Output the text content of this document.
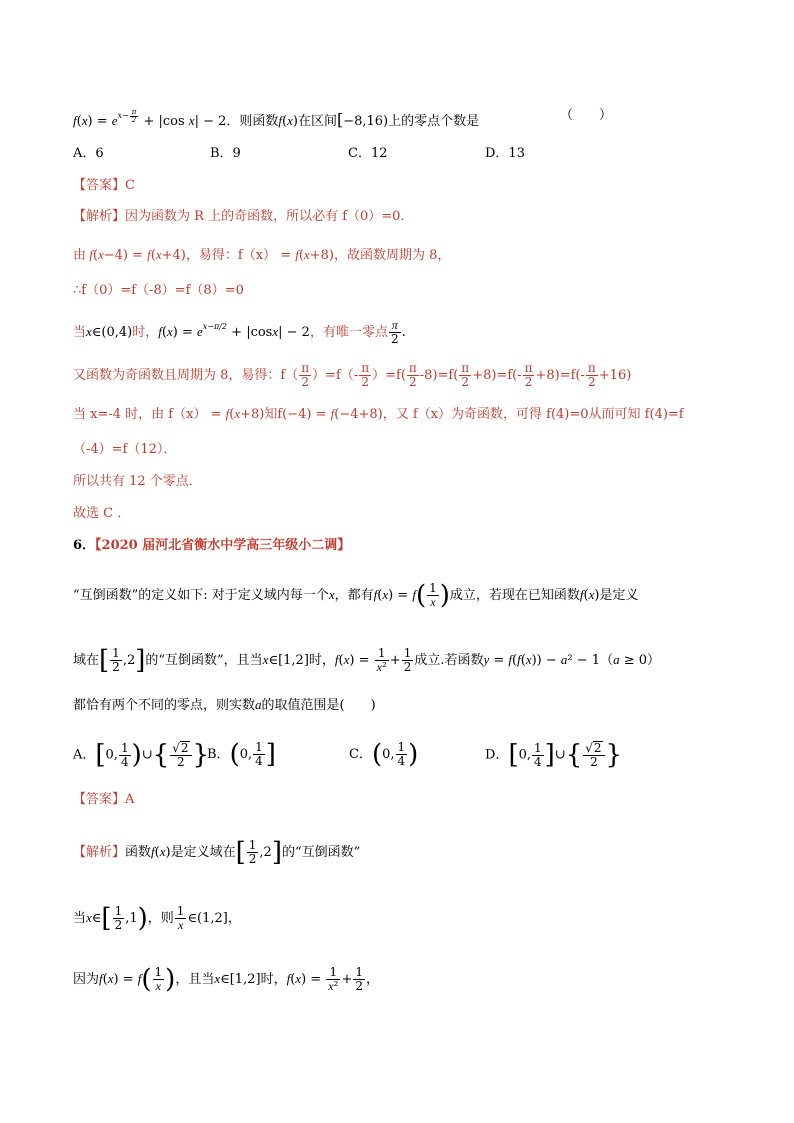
$f(x) = e^{x- \frac{\pi}{2}} + |\cos$ x| − 2．则函数f(x)在区间[−8,16)上的零点个数是	（　　）
A．6	B．9	C．12	D．13
【答案】C
【解析】因为函数为 R 上的奇函数，所以必有 f（0）=0．
由 f(x−4) = f(x+4)，易得：f（x） = f(x+8)，故函数周期为 8，
∴f（0）=f（-8）=f（8）=0
当x∈(0,4)时，$f(x) = e^{x-\pi/2} + |\cos x| - 2$，有唯一零点 $\frac{\pi}{2}$ .
又函数为奇函数且周期为 8，易得：$f( \frac{\pi}{2} )=f(- \frac{\pi}{2} )=f( \frac{\pi}{2} -8)=f( \frac{\pi}{2} +8)=f(- \frac{\pi}{2} +8)=f(- \frac{\pi}{2} +16)$
当 x=-4 时，由 f（x） = f(x+8)知f(−4) = f(−4+8)，又 f（x）为奇函数，可得 f(4)=0从而可知 f(4)=f
（-4）=f（12）．
所以共有 12 个零点．
故选 C ．
6．【2020 届河北省衡水中学高三年级小二调】
“互倒函数”的定义如下: 对于定义域内每一个x，都有$f(x) = f( \frac{1}{x}$ )成立，若现在已知函数f(x)是定义
域在[ $\frac{1}{2} ,2$]的“互倒函数”，且当x∈[1,2]时，$f(x) = \frac{1}{\text{x²}} + \frac{1}{2}$ 成立.若函数y = f(f(x)) − a² − 1（a ≥ 0）
都恰有两个不同的零点，则实数a的取值范围是(　　)
A．[0, $\frac{1}{4}$ )∪{ $\frac{√2}{2}$ }
B．(0, $\frac{1}{4}$ ]	C．(0, $\frac{1}{4}$ )	D．[0, $\frac{1}{4}$ ]∪{ $\frac{√2}{2}$ }
【答案】A
【解析】函数f(x)是定义域在[ $\frac{1}{2} ,2$]的“互倒函数”
当x∈[ $\frac{1}{2} ,1$)，则 $\frac{1}{x}$ ∈(1,2]，
因为$f(x) = f( \frac{1}{x}$ )，且当x∈[1,2]时，$f(x) = \frac{1}{\text{x²}} + \frac{1}{2}$ ，
